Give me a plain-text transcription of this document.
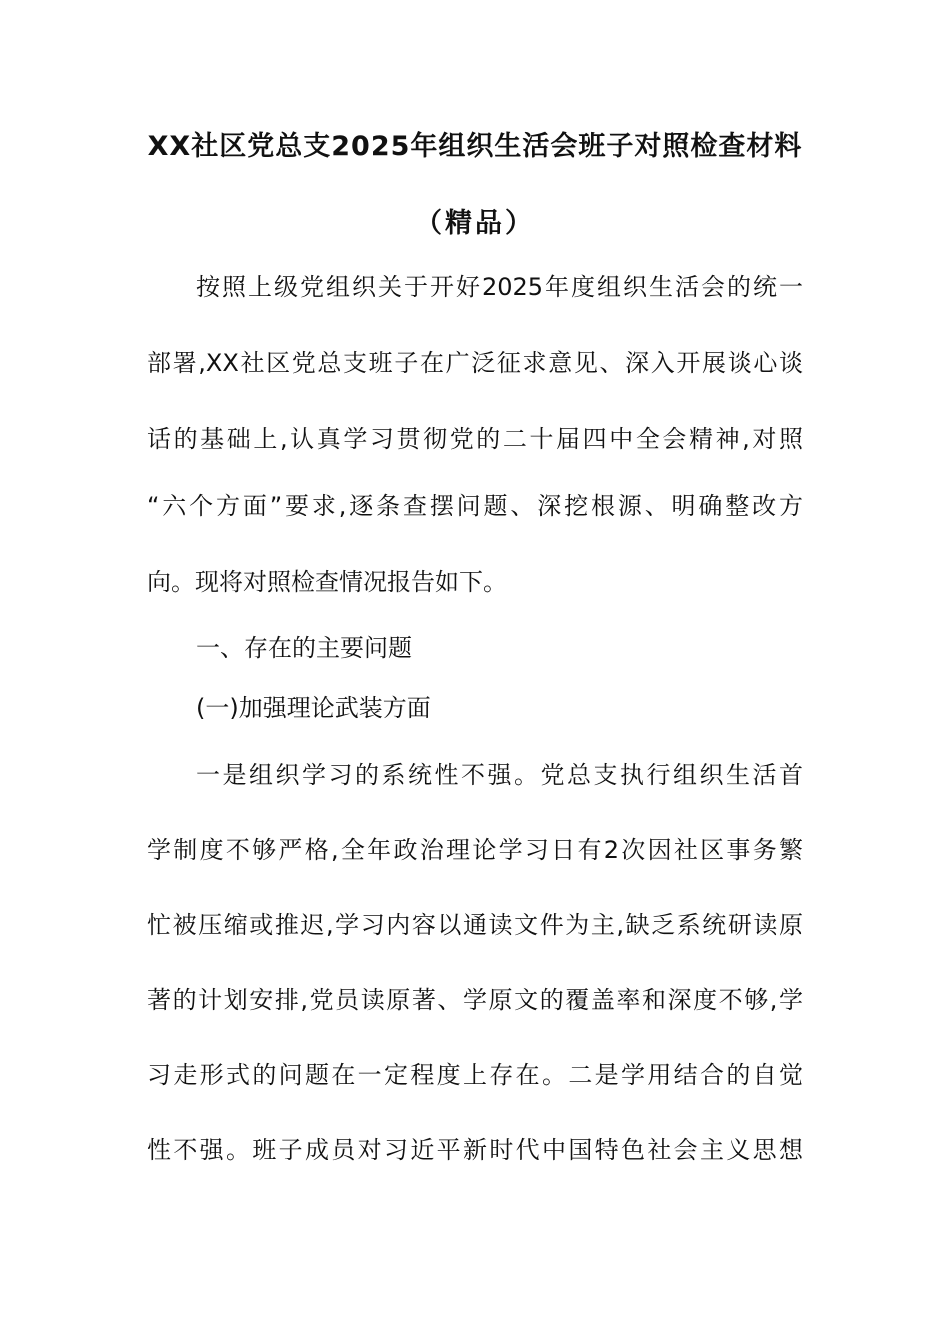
XX社区党总支2025年组织生活会班子对照检查材料
（精品）

按照上级党组织关于开好2025年度组织生活会的统一

部署,XX社区党总支班子在广泛征求意见、深入开展谈心谈

话的基础上,认真学习贯彻党的二十届四中全会精神,对照

“六个方面”要求,逐条查摆问题、深挖根源、明确整改方

向。现将对照检查情况报告如下。

一、存在的主要问题

(一)加强理论武装方面

一是组织学习的系统性不强。党总支执行组织生活首

学制度不够严格,全年政治理论学习日有2次因社区事务繁

忙被压缩或推迟,学习内容以通读文件为主,缺乏系统研读原

著的计划安排,党员读原著、学原文的覆盖率和深度不够,学

习走形式的问题在一定程度上存在。二是学用结合的自觉

性不强。班子成员对习近平新时代中国特色社会主义思想
